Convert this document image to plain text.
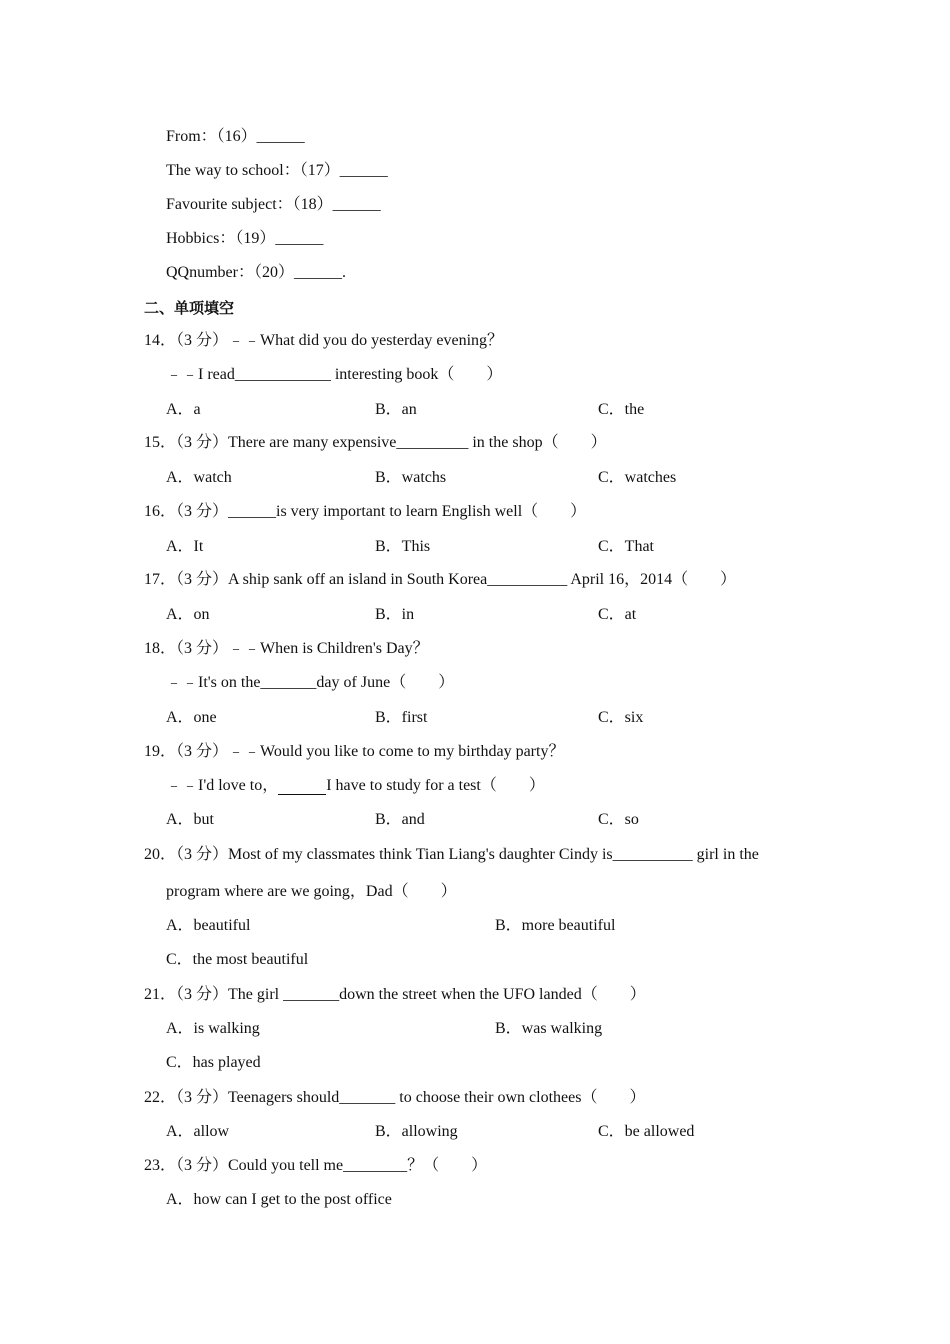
From：（16）______
The way to school：（17）______
Favourite subject：（18）______
Hobbics：（19）______
QQnumber：（20）______.
二、单项填空
14．（3 分）﹣﹣What did you do yesterday evening？
﹣﹣I read____________ interesting book（　　）
A．a	B．an	C．the
15．（3 分）There are many expensive_________ in the shop（　　）
A．watch	B．watchs	C．watches
16．（3 分）______is very important to learn English well（　　）
A．It	B．This	C．That
17．（3 分）A ship sank off an island in South Korea__________ April 16，2014（　　）
A．on	B．in	C．at
18．（3 分）﹣﹣When is Children's Day？
﹣﹣It's on the_______day of June（　　）
A．one	B．first	C．six
19．（3 分）﹣﹣Would you like to come to my birthday party？
﹣﹣I'd love to，	I have to study for a test（　　）
A．but	B．and	C．so
20．（3 分）Most of my classmates think Tian Liang's daughter Cindy is__________ girl in the
program where are we going，Dad（　　）
A．beautiful	B．more beautiful
C．the most beautiful
21．（3 分）The girl _______down the street when the UFO landed（　　）
A．is walking	B．was walking
C．has played
22．（3 分）Teenagers should_______ to choose their own clothees（　　）
A．allow	B．allowing	C．be allowed
23．（3 分）Could you tell me________？（　　）
A．how can I get to the post office
